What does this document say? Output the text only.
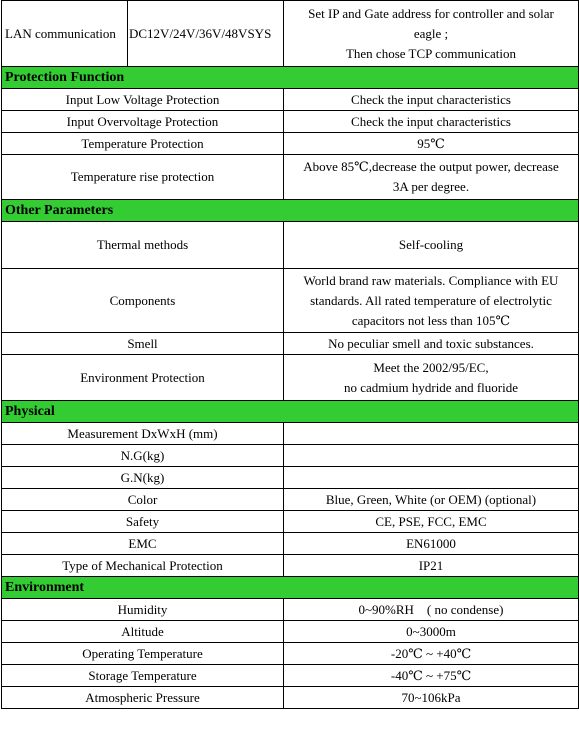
LAN communication	DC12V/24V/36V/48VSYS	Set IP and Gate address for controller and solar
eagle ;
Then chose TCP communication

Protection Function		
Input Low Voltage Protection		Check the input characteristics
Input Overvoltage Protection		Check the input characteristics
Temperature Protection		95℃
Temperature rise protection		Above 85℃,decrease the output power, decrease
3A per degree.

Other Parameters		
Thermal methods		Self-cooling
Components		World brand raw materials. Compliance with EU
standards. All rated temperature of electrolytic
capacitors not less than 105℃

Smell		No peculiar smell and toxic substances.
Environment Protection		Meet the 2002/95/EC,
no cadmium hydride and fluoride

Physical		
Measurement DxWxH (mm)		
N.G(kg)		
G.N(kg)		
Color		Blue, Green, White (or OEM) (optional)
Safety		CE, PSE, FCC, EMC
EMC		EN61000
Type of Mechanical Protection		IP21
Environment		
Humidity		0~90%RH    ( no condense)
Altitude		0~3000m
Operating Temperature		-20℃ ~ +40℃
Storage Temperature		-40℃ ~ +75℃
Atmospheric Pressure		70~106kPa
